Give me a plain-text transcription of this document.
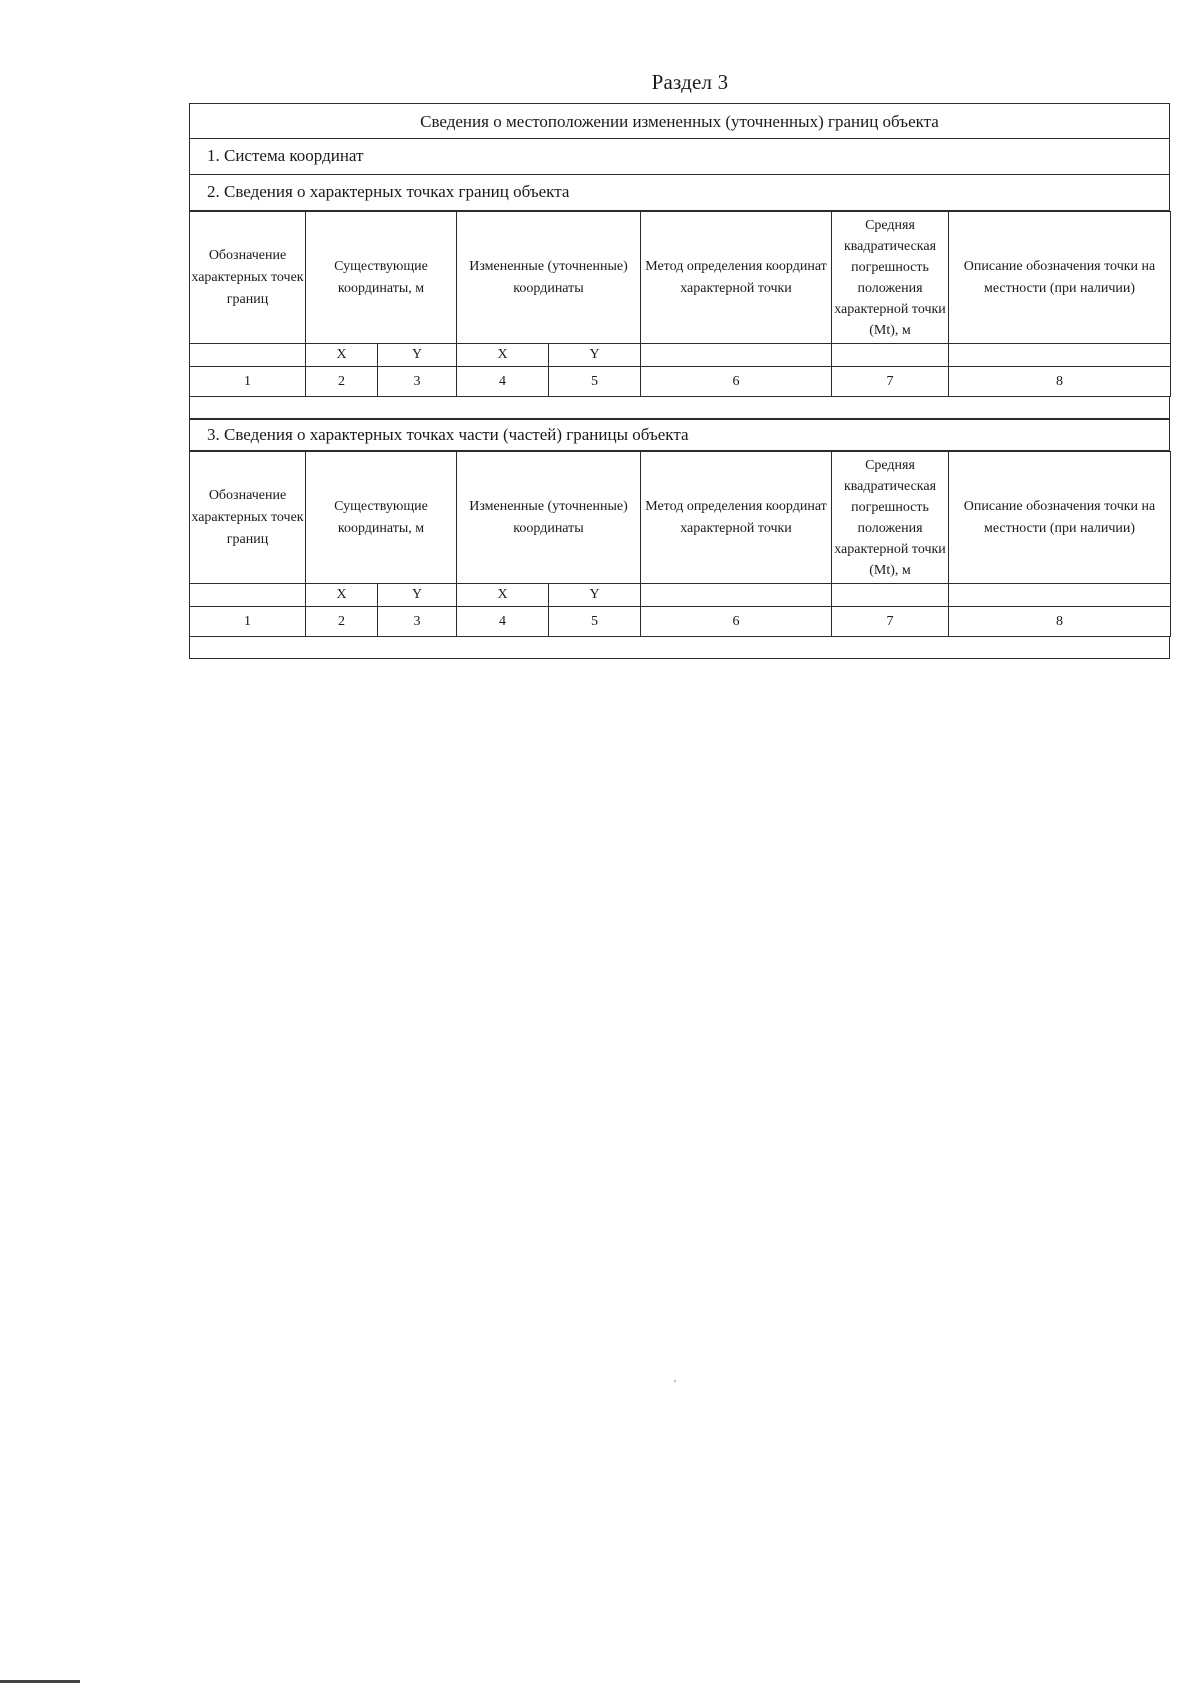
Раздел 3
Сведения о местоположении измененных (уточненных) границ объекта
1. Система координат
2. Сведения о характерных точках границ объекта
Обозначение характерных точек границ	Существующие координаты, м		Измененные (уточненные) координаты		Метод определения координат характерной точки	Средняя квадратическая погрешность положения характерной точки (Mt), м	Описание обозначения точки на местности (при наличии)
	X	Y	X	Y			
1	2	3	4	5	6	7	8
3. Сведения о характерных точках части (частей) границы объекта
Обозначение характерных точек границ	Существующие координаты, м		Измененные (уточненные) координаты		Метод определения координат характерной точки	Средняя квадратическая погрешность положения характерной точки (Mt), м	Описание обозначения точки на местности (при наличии)
	X	Y	X	Y			
1	2	3	4	5	6	7	8
'
